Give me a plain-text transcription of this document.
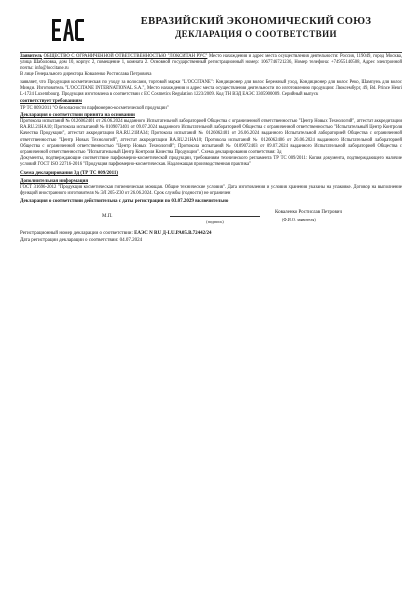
ЕВРАЗИЙСКИЙ ЭКОНОМИЧЕСКИЙ СОЮЗ
ДЕКЛАРАЦИЯ О СООТВЕТСТВИИ
Заявитель ОБЩЕСТВО С ОГРАНИЧЕННОЙ ОТВЕТСТВЕННОСТЬЮ "ЛОКСИТАН РУС" Место нахождения и адрес места осуществления деятельности: Россия, 119049, город Москва, улица Шаболовка, дом 10, корпус 2, помещение 1, комната 2. Основной государственный регистрационный номер: 1067746721236, Номер телефона: +74955140508, Адрес электронной почты: info@loccitane.ru
В лице Генерального директора Коваленко Ростислава Петровича
заявляет, что Продукция косметическая по уходу за волосами, торговой марки "L'OCCITANE": Кондиционер для волос Бережный уход, Кондиционер для волос Реко, Шампунь для волос Минди. Изготовитель "L'OCCITANE INTERNATIONAL S.A.", Место нахождения и адрес места осуществления деятельности по изготовлению продукции: Люксембург, 49, Bd. Prince Henri L-1724 Luxembourg. Продукция изготовлена в соответствии с ЕС Cosmetics Regulation 1223/2009. Код ТН ВЭД ЕАЭС 3305900009. Серийный выпуск
соответствует требованиям
ТР ТС 009/2011 "О безопасности парфюмерно-косметической продукции"
Декларация о соответствии принята на основании
Протокола испытаний № 0126062401 от 26.06.2024 выданного Испытательной лабораторией Общества с ограниченной ответственностью "Центр Новых Технологий", аттестат аккредитации RA.RU.21НА10; Протокола испытаний № 0109073401 от 09.07.2024 выданного Испытательной лабораторией Общества с ограниченной ответственностью "Испытательный Центр Контроля Качества Продукции", аттестат аккредитации RA.RU.21ИА34; Протокола испытаний № 0126062401 от 26.06.2024 выданного Испытательной лабораторией Общества с ограниченной ответственностью "Центр Новых Технологий", аттестат аккредитации RA.RU.21НА10; Протокола испытаний № 0126062406 от 26.06.2024 выданного Испытательной лабораторией Общества с ограниченной ответственностью "Центр Новых Технологий"; Протокола испытаний № 0109072403 от 09.07.2024 выданного Испытательной лабораторией Общества с ограниченной ответственностью "Испытательный Центр Контроля Качества Продукции". Схема декларирования соответствия: 3д
Документы, подтверждающие соответствие парфюмерно-косметической продукции, требованиям технического регламента ТР ТС 009/2011: Копия документа, подтверждающего наличие условий ГОСТ ISO 22716-2016 "Продукция парфюмерно-косметическая. Надлежащая производственная практика"
Схема декларирования 3д (ТР ТС 009/2011)
Дополнительная информация
ГОСТ 31696-2012 "Продукция косметическая гигиеническая моющая. Общие технические условия". Дата изготовления и условия хранения указаны на упаковке. Договор на выполнение функций иностранного изготовителя № ЭЛ 205-Z30 от 26.06.2024. Срок службы (годности) не ограничен
Декларация о соответствии действительна с даты регистрации по 03.07.2029 включительно
М.П.
(подпись)
Коваленко Ростислав Петрович
(Ф.И.О. заявителя)
Регистрационный номер декларации о соответствии: ЕАЭС N RU Д-LU.РА05.В.72442/24
Дата регистрации декларации о соответствии: 04.07.2024
